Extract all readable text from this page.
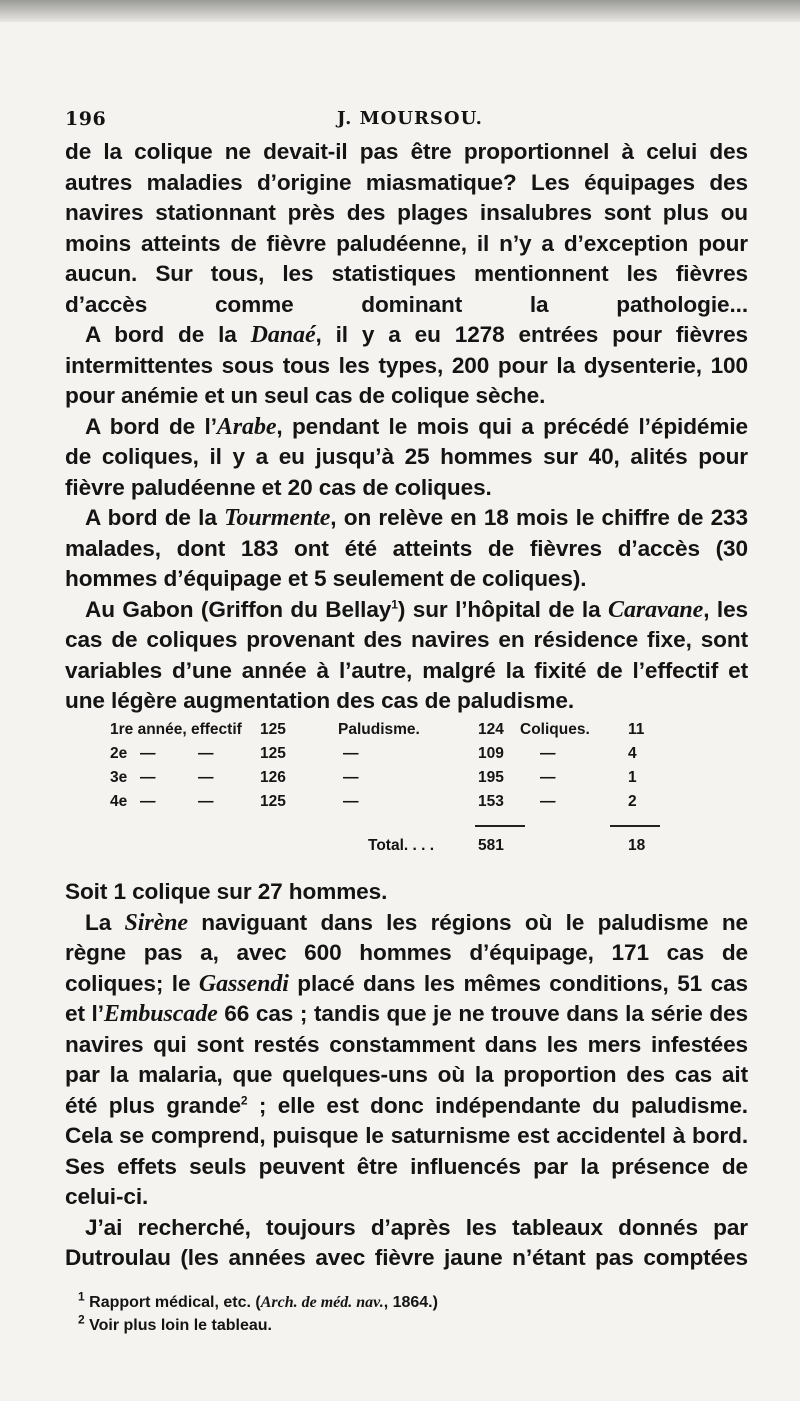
196	J. MOURSOU.

de la colique ne devait-il pas être proportionnel à celui des autres maladies d’origine miasmatique? Les équipages des navires stationnant près des plages insalubres sont plus ou moins atteints de fièvre paludéenne, il n’y a d’exception pour aucun. Sur tous, les statistiques mentionnent les fièvres d’accès comme dominant la pathologie...

A bord de la Danaé, il y a eu 1278 entrées pour fièvres intermittentes sous tous les types, 200 pour la dysenterie, 100 pour anémie et un seul cas de colique sèche.

A bord de l’Arabe, pendant le mois qui a précédé l’épidémie de coliques, il y a eu jusqu’à 25 hommes sur 40, alités pour fièvre paludéenne et 20 cas de coliques.

A bord de la Tourmente, on relève en 18 mois le chiffre de 233 malades, dont 183 ont été atteints de fièvres d’accès (30 hommes d’équipage et 5 seulement de coliques).

Au Gabon (Griffon du Bellay$^1$) sur l’hôpital de la Caravane, les cas de coliques provenant des navires en résidence fixe, sont variables d’une année à l’autre, malgré la fixité de l’effectif et une légère augmentation des cas de paludisme.

1re année, effectif 125	Paludisme.	124 Coliques. 11
2e —	—	125	—	109 —	4
3e —	—	126	—	195 —	1
4e —	—	125	—	153 —	2
Total. . . .	581	18

Soit 1 colique sur 27 hommes.

La Sirène naviguant dans les régions où le paludisme ne règne pas a, avec 600 hommes d’équipage, 171 cas de coliques; le Gassendi placé dans les mêmes conditions, 51 cas et l’Embuscade 66 cas ; tandis que je ne trouve dans la série des navires qui sont restés constamment dans les mers infestées par la malaria, que quelques-uns où la proportion des cas ait été plus grande$^2$ ; elle est donc indépendante du paludisme. Cela se comprend, puisque le saturnisme est accidentel à bord. Ses effets seuls peuvent être influencés par la présence de celui-ci.

J’ai recherché, toujours d’après les tableaux donnés par Dutroulau (les années avec fièvre jaune n’étant pas comptées

$^1$ Rapport médical, etc. (Arch. de méd. nav., 1864.)
$^2$ Voir plus loin le tableau.
